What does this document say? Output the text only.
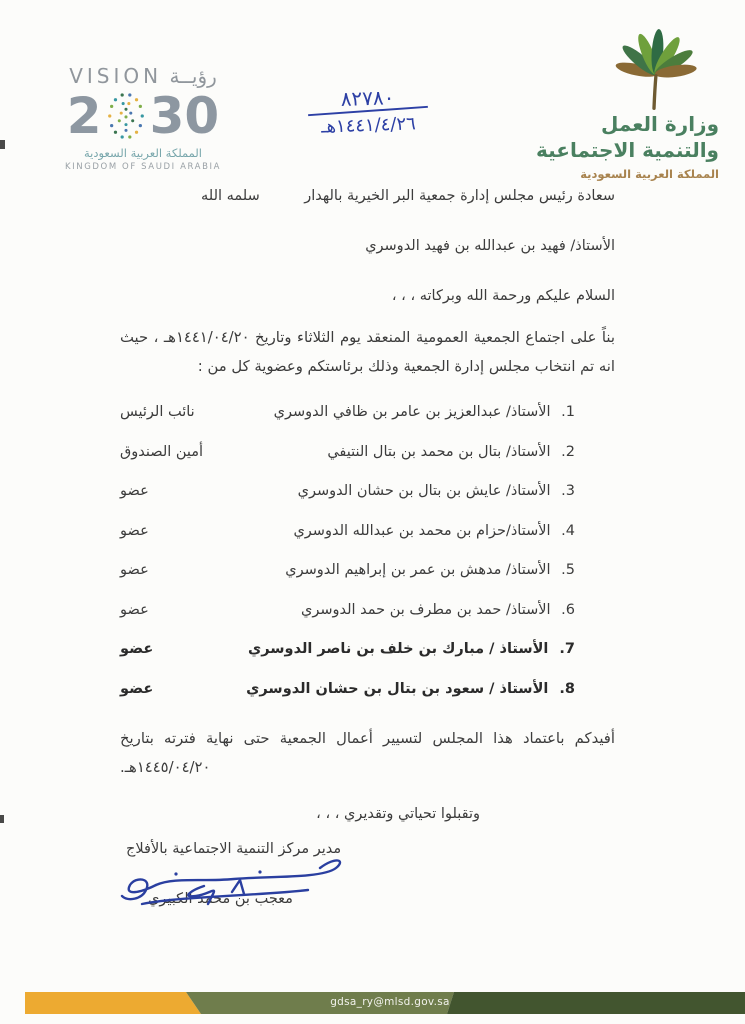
VISION رؤيــة
2 30
المملكة العربية السعودية
KINGDOM OF SAUDI ARABIA
٨٢٧٨٠
١٤٤١/٤/٢٦هـ	وزارة العمل
والتنمية الاجتماعية
المملكة العربية السعودية
سعادة رئيس مجلس إدارة جمعية البر الخيرية بالهدار
سلمه الله
الأستاذ/ فهيد بن عبدالله بن فهيد الدوسري
السلام عليكم ورحمة الله وبركاته ، ، ،
بناً على اجتماع الجمعية العمومية المنعقد يوم الثلاثاء وتاريخ ١٤٤١/٠٤/٢٠هـ ، حيث انه تم انتخاب مجلس إدارة الجمعية وذلك برئاستكم وعضوية كل من :
1. الأستاذ/ عبدالعزيز بن عامر بن ظافي الدوسري
نائب الرئيس
2. الأستاذ/ بتال بن محمد بن بتال النتيفي
أمين الصندوق
3. الأستاذ/ عايش بن بتال بن حشان الدوسري
عضو
4. الأستاذ/حزام بن محمد بن عبدالله الدوسري
عضو
5. الأستاذ/ مدهش بن عمر بن إبراهيم الدوسري
عضو
6. الأستاذ/ حمد بن مطرف بن حمد الدوسري
عضو
7. الأستاذ / مبارك بن خلف بن ناصر الدوسري
عضو
8. الأستاذ / سعود بن بتال بن حشان الدوسري
عضو
أفيدكم باعتماد هذا المجلس لتسيير أعمال الجمعية حتى نهاية فترته بتاريخ ١٤٤٥/٠٤/٢٠هـ.
وتقبلوا تحياتي وتقديري ، ، ،
مدير مركز التنمية الاجتماعية بالأفلاج
معجب بن محمد الكبيري
gdsa_ry@mlsd.gov.sa
